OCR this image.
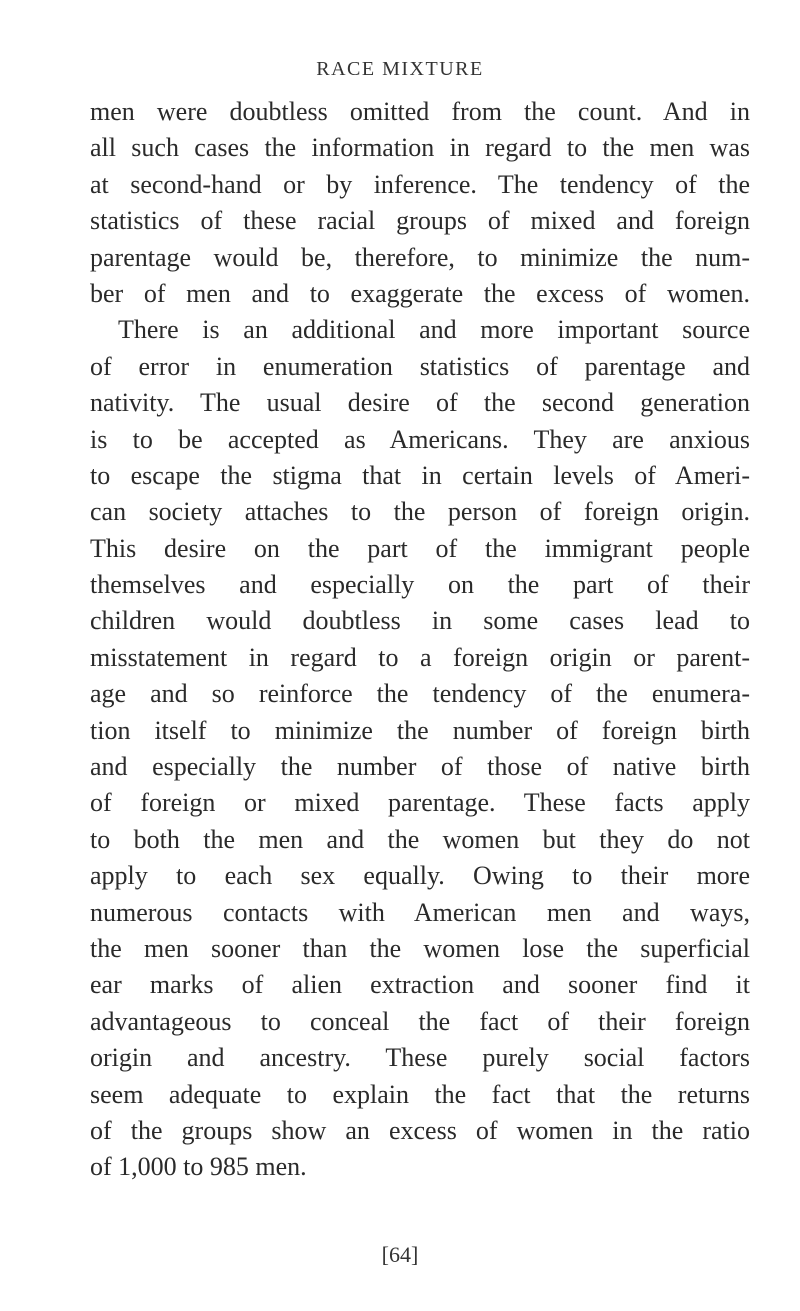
RACE MIXTURE
men were doubtless omitted from the count. And in
all such cases the information in regard to the men was
at second-hand or by inference. The tendency of the
statistics of these racial groups of mixed and foreign
parentage would be, therefore, to minimize the num-
ber of men and to exaggerate the excess of women.
There is an additional and more important source
of error in enumeration statistics of parentage and
nativity. The usual desire of the second generation
is to be accepted as Americans. They are anxious
to escape the stigma that in certain levels of Ameri-
can society attaches to the person of foreign origin.
This desire on the part of the immigrant people
themselves and especially on the part of their
children would doubtless in some cases lead to
misstatement in regard to a foreign origin or parent-
age and so reinforce the tendency of the enumera-
tion itself to minimize the number of foreign birth
and especially the number of those of native birth
of foreign or mixed parentage. These facts apply
to both the men and the women but they do not
apply to each sex equally. Owing to their more
numerous contacts with American men and ways,
the men sooner than the women lose the superficial
ear marks of alien extraction and sooner find it
advantageous to conceal the fact of their foreign
origin and ancestry. These purely social factors
seem adequate to explain the fact that the returns
of the groups show an excess of women in the ratio
of 1,000 to 985 men.
[64]
